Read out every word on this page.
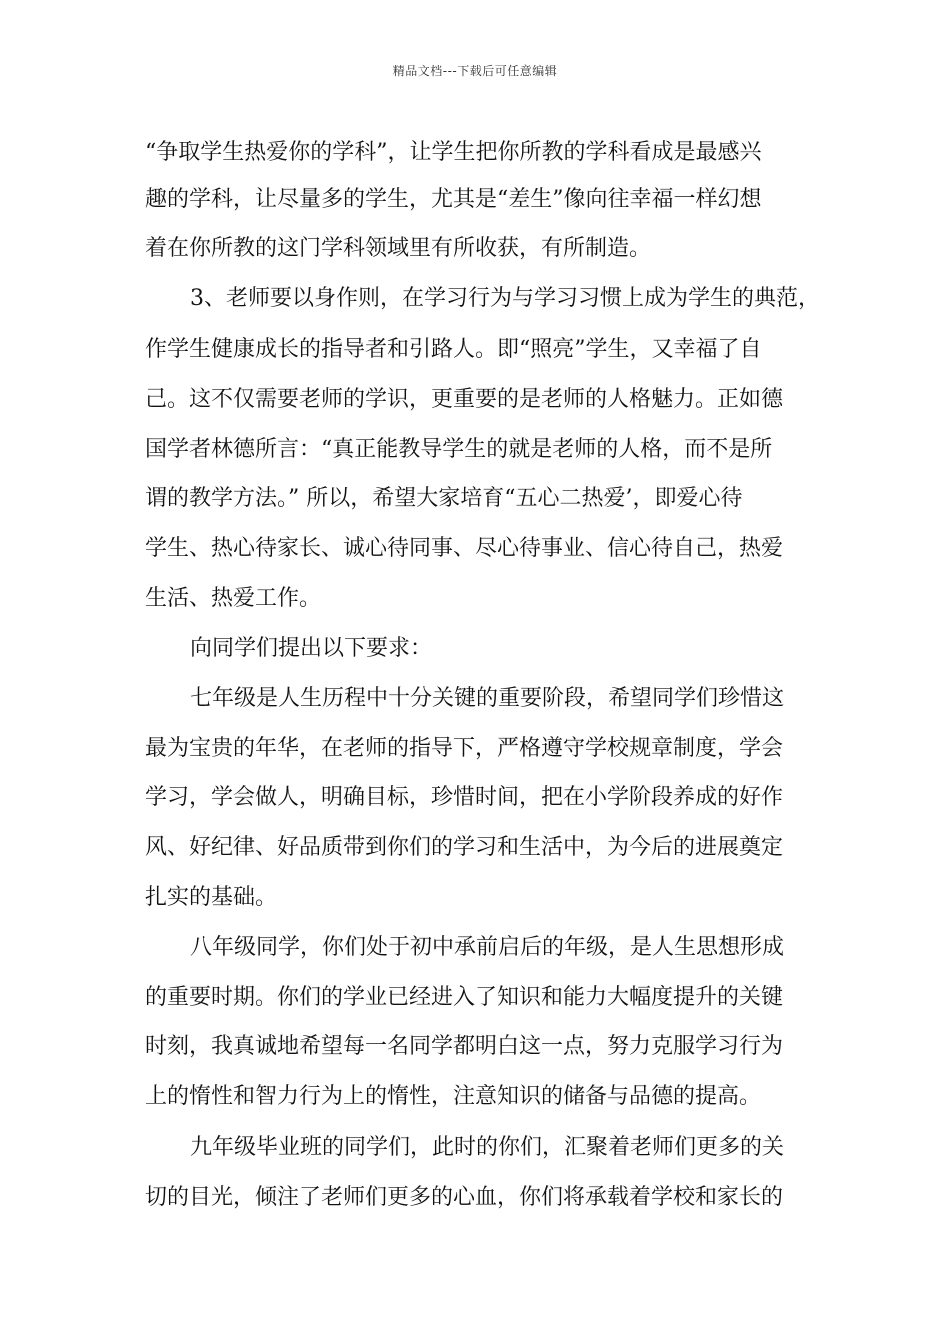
精品文档---下载后可任意编辑
“争取学生热爱你的学科”，让学生把你所教的学科看成是最感兴
趣的学科，让尽量多的学生，尤其是“差生”像向往幸福一样幻想
着在你所教的这门学科领域里有所收获，有所制造。
3、老师要以身作则，在学习行为与学习习惯上成为学生的典范，
作学生健康成长的指导者和引路人。即“照亮”学生，又幸福了自
己。这不仅需要老师的学识，更重要的是老师的人格魅力。正如德
国学者林德所言：“真正能教导学生的就是老师的人格，而不是所
谓的教学方法。” 所以，希望大家培育“五心二热爱’，即爱心待
学生、热心待家长、诚心待同事、尽心待事业、信心待自己，热爱
生活、热爱工作。
向同学们提出以下要求：
七年级是人生历程中十分关键的重要阶段，希望同学们珍惜这
最为宝贵的年华，在老师的指导下，严格遵守学校规章制度，学会
学习，学会做人，明确目标，珍惜时间，把在小学阶段养成的好作
风、好纪律、好品质带到你们的学习和生活中，为今后的进展奠定
扎实的基础。
八年级同学，你们处于初中承前启后的年级，是人生思想形成
的重要时期。你们的学业已经进入了知识和能力大幅度提升的关键
时刻，我真诚地希望每一名同学都明白这一点，努力克服学习行为
上的惰性和智力行为上的惰性，注意知识的储备与品德的提高。
九年级毕业班的同学们，此时的你们，汇聚着老师们更多的关
切的目光，倾注了老师们更多的心血，你们将承载着学校和家长的
